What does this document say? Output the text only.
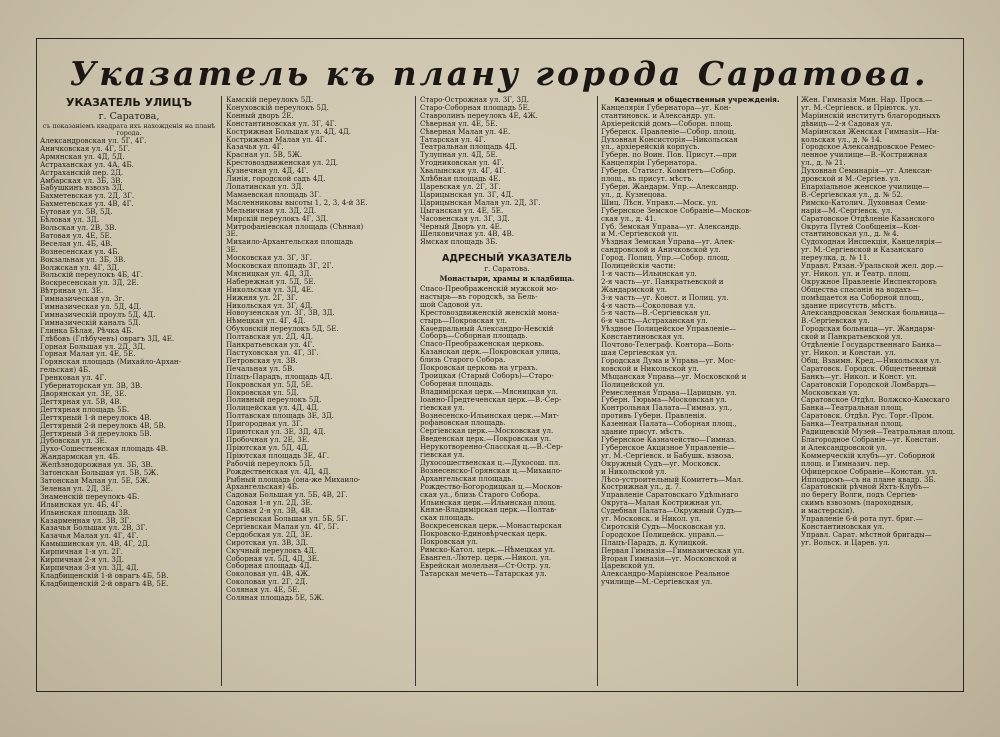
Указатель къ плану города Саратова.
УКАЗАТЕЛЬ УЛИЦЪ
г. Саратова,
съ показаніемъ квадрата ихъ нахожденія на планѣ города.
Александровская ул. 5Г, 4Г.
Аничковская ул. 4Г, 5Г.
Армянская ул. 4Д, 5Д.
Астраханская ул. 4А, 4Б.
Астраханскій пер. 2Д.
Амбарская ул. 3Б, 3В.
Бабушкинъ взвозъ 3Д.
Бахметевская ул. 2Д, 3Г.
Бахметевская ул. 4В, 4Г.
Бутовая ул. 5В, 5Д.
Бѣловая ул. 3Д.
Вольская ул. 2В, 3В.
Ватовая ул. 4Е, 5Е.
Веселая ул. 4Б, 4В.
Вознесенская ул. 4Б.
Вокзальная ул. 3Б, 3В.
Волжская ул. 4Г, 3Д.
Вольскій переулокъ 4Б, 4Г.
Воскресенская ул. 3Д, 2Е.
Вѣтряная ул. 3Е.
Гимназическая ул. 3г.
Гимназическая ул. 5Д, 4Д.
Гимназическій проулъ 5Д, 4Д.
Гимназическій каналъ 5Д.
Глинка Бѣлая, Рѣчка 4Б.
Глѣбовъ (Глѣбучевъ) оврагъ 3Д, 4Е.
Горная Большая ул. 2Д, 3Д.
Горная Малая ул. 4Е, 5Е.
Горянская площадь (Михайло-Архан-
гельская) 4Б.
Гренковая ул. 4Г.
Губернаторская ул. 3В, 3В.
Дворянская ул. 3Е, 3Е.
Дегтярная ул. 5В, 4В.
Дегтярная площадь 5Б.
Дегтярный 1-й переулокъ 4В.
Дегтярный 2-й переулокъ 4В, 5В.
Дегтярный 3-й переулокъ 5В.
Дубовская ул. 3Е.
Духо-Сошественская площадь 4В.
Жандармская ул. 4Б.
Желѣзнодорожная ул. 3Б, 3В.
Затонская Большая ул. 5В, 5Ж.
Затонская Малая ул. 5Е, 5Ж.
Зеленая ул. 2Д, 3Е.
Знаменскій переулокъ 4Б.
Ильинская ул. 4Б, 4Г.
Ильинская площадь 3В.
Казарменная ул. 3В, 3Г.
Казачья Большая ул. 2В, 3Г.
Казачья Малая ул. 4Г, 4Г.
Камышинская ул. 4В, 4Г, 2Д.
Кирпичная 1-я ул. 2Г.
Кирпичная 2-я ул. 3Д.
Кирпичная 3-я ул. 3Д, 4Д.
Кладбищенскій 1-й оврагъ 4Б, 5В.
Кладбищенскій 2-й оврагъ 4В, 5Е.
Камскій переулокъ 5Д.
Конуховскій переулокъ 5Д.
Конный дворъ 2Е.
Константиновская ул. 3Г, 4Г.
Кострижная Большая ул. 4Д, 4Д.
Кострижная Малая ул. 4Г.
Казачья ул. 4Г.
Красная ул. 5В, 5Ж.
Крестовоздвиженская ул. 2Д.
Кузнечная ул. 4Д, 4Г.
Линія, городской садъ 4Д.
Лопатинская ул. 3Д.
Мамаевская площадь 3Г.
Масленниковы высоты 1, 2, 3, 4-й 3Е.
Мельничная ул. 3Д, 2Д.
Мирскій переулокъ 4Г, 3Д.
Митрофаніевская площадь (Сѣнная)
3Е.
Михаило-Архангельская площадь
3Е.
Московская ул. 3Г, 3Г.
Московская площадь 3Г, 2Г.
Мясницкая ул. 4Д, 3Д.
Набережная ул. 5Д, 5Е.
Никольская ул. 3Д, 4Е.
Нижняя ул. 2Г, 3Г.
Никольская ул. 3Г, 4Д.
Новоузенская ул. 3Г, 3В, 3Д.
Нѣмецкая ул. 4Г, 4Д.
Обуховскій переулокъ 5Д, 5Е.
Полтавская ул. 2Д, 4Д.
Панкратьевская ул. 4Г.
Пастуховская ул. 4Г, 3Г.
Петровская ул. 3В.
Печальная ул. 5В.
Плацъ-Парадъ, площадь 4Д.
Покровская ул. 5Д, 5Е.
Покровская ул. 5Д.
Поливный переулокъ 5Д.
Полицейская ул. 4Д, 4Д.
Полтавская площадь 3Е, 3Д.
Пригородная ул. 3Г.
Приютская ул. 3Е, 3Д, 4Д.
Пробочная ул. 2Е, 3Е.
Пріютская ул. 5Д, 4Д.
Пріютская площадь 3Е, 4Г.
Рабочій переулокъ 5Д.
Рождественская ул. 4Д, 4Д.
Рыбный площадь (она-же Михаило-
Архангельская) 4Б.
Садовая Большая ул. 5Б, 4В, 2Г.
Садовая 1-я ул. 2Д, 3Е.
Садовая 2-я ул. 3В, 4В.
Сергіевская Большая ул. 5Б, 5Г.
Сергіевская Малая ул. 4Г, 5Г.
Сердобская ул. 2Д, 3Е.
Сиротская ул. 3В, 3Д.
Скучный переулокъ 4Д.
Соборная ул. 5Д, 4Д, 3Е.
Соборная площадь 4Д.
Соколовая ул. 4В, 4Ж.
Соколовая ул. 2Г, 2Д.
Соляная ул. 4Е, 5Е.
Соляная площадь 5Е, 5Ж.
Старо-Острожная ул. 3Г, 3Д.
Старо-Соборная площадь 5Е.
Ставролинъ переулокъ 4Е, 4Ж.
Сѣверная ул. 4Е, 5Е.
Сѣверная Малая ул. 4Е.
Татарская ул. 4Г.
Театральная площадь 4Д.
Тулупная ул. 4Д, 5Е.
Угодниковская ул. 4Г.
Хвалынская ул. 4Г, 4Г.
Хлѣбная площадь 4Е.
Царевская ул. 2Г, 3Г.
Царицынская ул. 3Г, 4Д.
Царицынская Малая ул. 2Д, 3Г.
Цыганская ул. 4Е, 5Е.
Часовенская ул. 3Г, 3Д.
Черный Дворъ ул. 4Е.
Шелковичная ул. 4В, 4В.
Ямская площадь 3Б.
АДРЕСНЫЙ УКАЗАТЕЛЬ
г. Саратова.
Монастыри, храмы и кладбища.
Спасо-Преображенскій мужской мо-
настырь—въ городскѣ, за Бель-
шой Садовой ул.
Крестовоздвиженскій женскій мона-
стырь—Покровская ул.
Каѳедральный Александро-Невскій
Соборъ—Соборная площадь.
Спасо-Преображенская церковь.
Казанская церк.—Покровская улица,
близь Старого Собора.
Покровская церковь на уграхъ.
Троицкая (Старый Соборъ)—Старо-
Соборная площадь.
Владимірская церк.—Мясницкая ул.
Іоанно-Предтеченская церк.—В.-Сер-
гіевская ул.
Вознесенско-Ильинская церк.—Мит-
рофановская площадь.
Сергіевская церк.—Московская ул.
Введенская церк.—Покровская ул.
Нерукотворенно-Спасская ц.—В.-Сер-
гіевская ул.
Духосошественская ц.—Духосош. пл.
Вознесенско-Горянская ц.—Михаило-
Архангельская площадь.
Рождество-Богородицкая ц.—Москов-
ская ул., близь Старого Собора.
Ильинская церк.—Ильинская площ.
Князе-Владимірская церк.—Полтав-
ская площадь.
Воскресенская церк.—Монастырская
Покровско-Единовѣрческая церк.
Покровская ул.
Римско-Катол. церк.—Нѣмецкая ул.
Евангел.-Лютер. церк.—Никол. ул.
Еврейская молельня—Ст-Остр. ул.
Татарская мечеть—Татарская ул.
Казенныя и общественныя учрежденія.
Канцелярія Губернатора—уг. Кон-
стантиновск. и Александр. ул.
Архіерейскій домъ—Соборн. площ.
Губернск. Правленіе—Собор. площ.
Духовная Консисторія—Никольская
ул., архіерейскій корпусъ.
Губерн. по Воин. Пов. Присут.—при
Канцеляріи Губернатора.
Губерн. Статист. Комитетъ—Собор.
площ., въ присут. мѣстъ.
Губерн. Жандарм. Упр.—Александр.
ул., д. Кузнецова.
Шиц. Лѣсн. Управл.—Моск. ул.
Губернское Земское Собраніе—Москов-
ская ул., д. 41.
Губ. Земская Управа—уг. Александр.
и М.-Сергіевской ул.
Уѣздная Земская Управа—уг. Алек-
сандровской и Аничковской ул.
Город. Полиц. Упр.—Собор. площ.
Полицейскія части:
1-я часть—Ильинская ул.
2-я часть—уг. Панкратьевской и
Жандармской ул.
3-я часть—уг. Конст. и Полиц. ул.
4-я часть—Соколовая ул.
5-я часть—В.-Сергіевская ул.
6-я часть—Астраханская ул.
Уѣздное Полицейское Управленіе—
Константиновская ул.
Почтово-Телеграф. Контора—Боль-
шая Сергіевская ул.
Городская Дума и Управа—уг. Мос-
ковской и Никольской ул.
Мѣщанская Управа—уг. Московской и
Полицейской ул.
Ремесленная Управа—Царицын. ул.
Губерн. Тюрьма—Московская ул.
Контрольная Палата—Гимназ. ул.,
противъ Губерн. Правленія.
Казенная Палата—Соборная площ.,
здание присут. мѣстъ.
Губернское Казначейство—Гимназ.
Губернское Акцизное Управленіе—
уг. М.-Сергіевск. и Бабушк. взвоза.
Окружный Судъ—уг. Московск.
и Никольской ул.
Лѣсо-устроительный Комитетъ—Мал.
Кострижная ул., д. 7.
Управленіе Саратовскаго Удѣльнаго
Округа—Малая Кострижная ул.
Судебная Палата—Окружный Судъ—
уг. Московск. и Никол. ул.
Сиротскій Судъ—Московская ул.
Городское Полицейск. управл.—
Плацъ-Парадъ, д. Кулицкой.
Первая Гимназія—Гимназическая ул.
Вторая Гимназія—уг. Московской и
Царевской ул.
Александро-Маріинское Реальное
училище—М.-Сергіевская ул.
Жен. Гимназія Мин. Нар. Просв.—
уг. М.-Сергіевск. и Пріютск. ул.
Маріинскій институтъ благородныхъ
дѣвицъ—2-я Садовая ул.
Маріинская Женская Гимназія—Ни-
кольская ул., д. № 14.
Городское Александровское Ремес-
ленное училище—В.-Кострижная
ул., д. № 21.
Духовная Семинарія—уг. Алексан-
дровской и М.-Сергіев. ул.
Епархіальное женское училище—
В.-Сергіевская ул., д. № 52.
Римско-Католич. Духовная Семи-
нарія—М.-Сергіевск. ул.
Саратовское Отдѣленіе Казанского
Округа Путей Сообщенія—Кон-
стантиновская ул., д. № 4.
Судоходная Инспекція, Канцелярія—
уг. М.-Сергіевской и Казанскаго
переулка, д. № 11.
Управл. Рязан.-Уральской жел. дор.—
уг. Никол. ул. и Театр. площ.
Окружное Правленіе Инспекторовъ
Общества спасанія на водахъ—
помѣщается на Соборной площ.,
здание присутств. мѣстъ.
Александровская Земская больница—
В.-Сергіевская ул.
Городская больница—уг. Жандарм-
ской и Панкратьевской ул.
Отдѣленіе Государственнаго Банка—
уг. Никол. и Констан. ул.
Общ. Взаимн. Кред.—Никольская ул.
Саратовск. Городск. Общественный
Банкъ—уг. Никол. и Конст. ул.
Саратовскій Городской Ломбардъ—
Московская ул.
Саратовское Отдѣл. Волжско-Камскаго
Банка—Театральная площ.
Саратовск. Отдѣл. Рус. Торг.-Пром.
Банка—Театральная площ.
Радищевскій Музей—Театральная площ.
Благородное Собраніе—уг. Констан.
и Александровской ул.
Коммерческій клубъ—уг. Соборной
площ. и Гимназич. пер.
Офицерское Собраніе—Констан. ул.
Ипподромъ—съ на плане квадр. 3Б.
Саратовскій рѣчной Яхтъ-Клубъ—
по берегу Волги, подъ Сергіев-
скимъ взвозомъ (пароходныя,
и мастерскія).
Управленіе 6-й рота пут. бриг.—
Константиновская ул.
Управл. Сарат. мѣстной бригады—
уг. Вольск. и Царев. ул.
